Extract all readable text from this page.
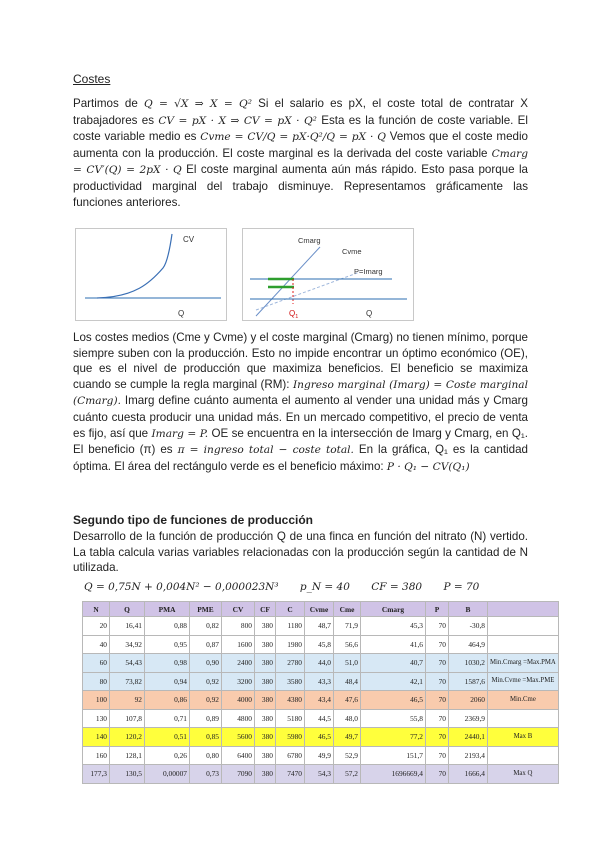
Costes
Partimos de Q = √X ⇒ X = Q² Si el salario es pX, el coste total de contratar X trabajadores es CV = pX · X ⇒ CV = pX · Q² Esta es la función de coste variable. El coste variable medio es Cvme = CV/Q = pX·Q²/Q = pX · Q Vemos que el coste medio aumenta con la producción. El coste marginal es la derivada del coste variable Cmarg = CV′(Q) = 2pX · Q El coste marginal aumenta aún más rápido. Esto pasa porque la productividad marginal del trabajo disminuye. Representamos gráficamente las funciones anteriores.
CV
Q
Cmarg
Cvme
P=Imarg
$Q_1$	Q
Los costes medios (Cme y Cvme) y el coste marginal (Cmarg) no tienen mínimo, porque siempre suben con la producción. Esto no impide encontrar un óptimo económico (OE), que es el nivel de producción que maximiza beneficios. El beneficio se maximiza cuando se cumple la regla marginal (RM): Ingreso marginal (Imarg) = Coste marginal (Cmarg). Imarg define cuánto aumenta el aumento al vender una unidad más y Cmarg cuánto cuesta producir una unidad más. En un mercado competitivo, el precio de venta es fijo, así que Imarg = P. OE se encuentra en la intersección de Imarg y Cmarg, en Q₁. El beneficio (π) es π = ingreso total − coste total. En la gráfica, Q₁ es la cantidad óptima. El área del rectángulo verde es el beneficio máximo: P · Q₁ − CV(Q₁)
Segundo tipo de funciones de producción
Desarrollo de la función de producción Q de una finca en función del nitrato (N) vertido. La tabla calcula varias variables relacionadas con la producción según la cantidad de N utilizada.
Q = 0,75N + 0,004N² − 0,000023N³ p_N = 40 CF = 380 P = 70
N	Q	PMA	PME	CV	CF	C	Cvme	Cme	Cmarg	P	B	
20	16,41	0,88	0,82	800	380	1180	48,7	71,9	45,3	70	-30,8	
40	34,92	0,95	0,87	1600	380	1980	45,8	56,6	41,6	70	464,9	
60	54,43	0,98	0,90	2400	380	2780	44,0	51,0	40,7	70	1030,2	Min.Cmarg =Max.PMA
80	73,82	0,94	0,92	3200	380	3580	43,3	48,4	42,1	70	1587,6	Min.Cvme =Max.PME
100	92	0,86	0,92	4000	380	4380	43,4	47,6	46,5	70	2060	Min.Cme
130	107,8	0,71	0,89	4800	380	5180	44,5	48,0	55,8	70	2369,9	
140	120,2	0,51	0,85	5600	380	5980	46,5	49,7	77,2	70	2440,1	Max B
160	128,1	0,26	0,80	6400	380	6780	49,9	52,9	151,7	70	2193,4	
177,3	130,5	0,00007	0,73	7090	380	7470	54,3	57,2	1696669,4	70	1666,4	Max Q
